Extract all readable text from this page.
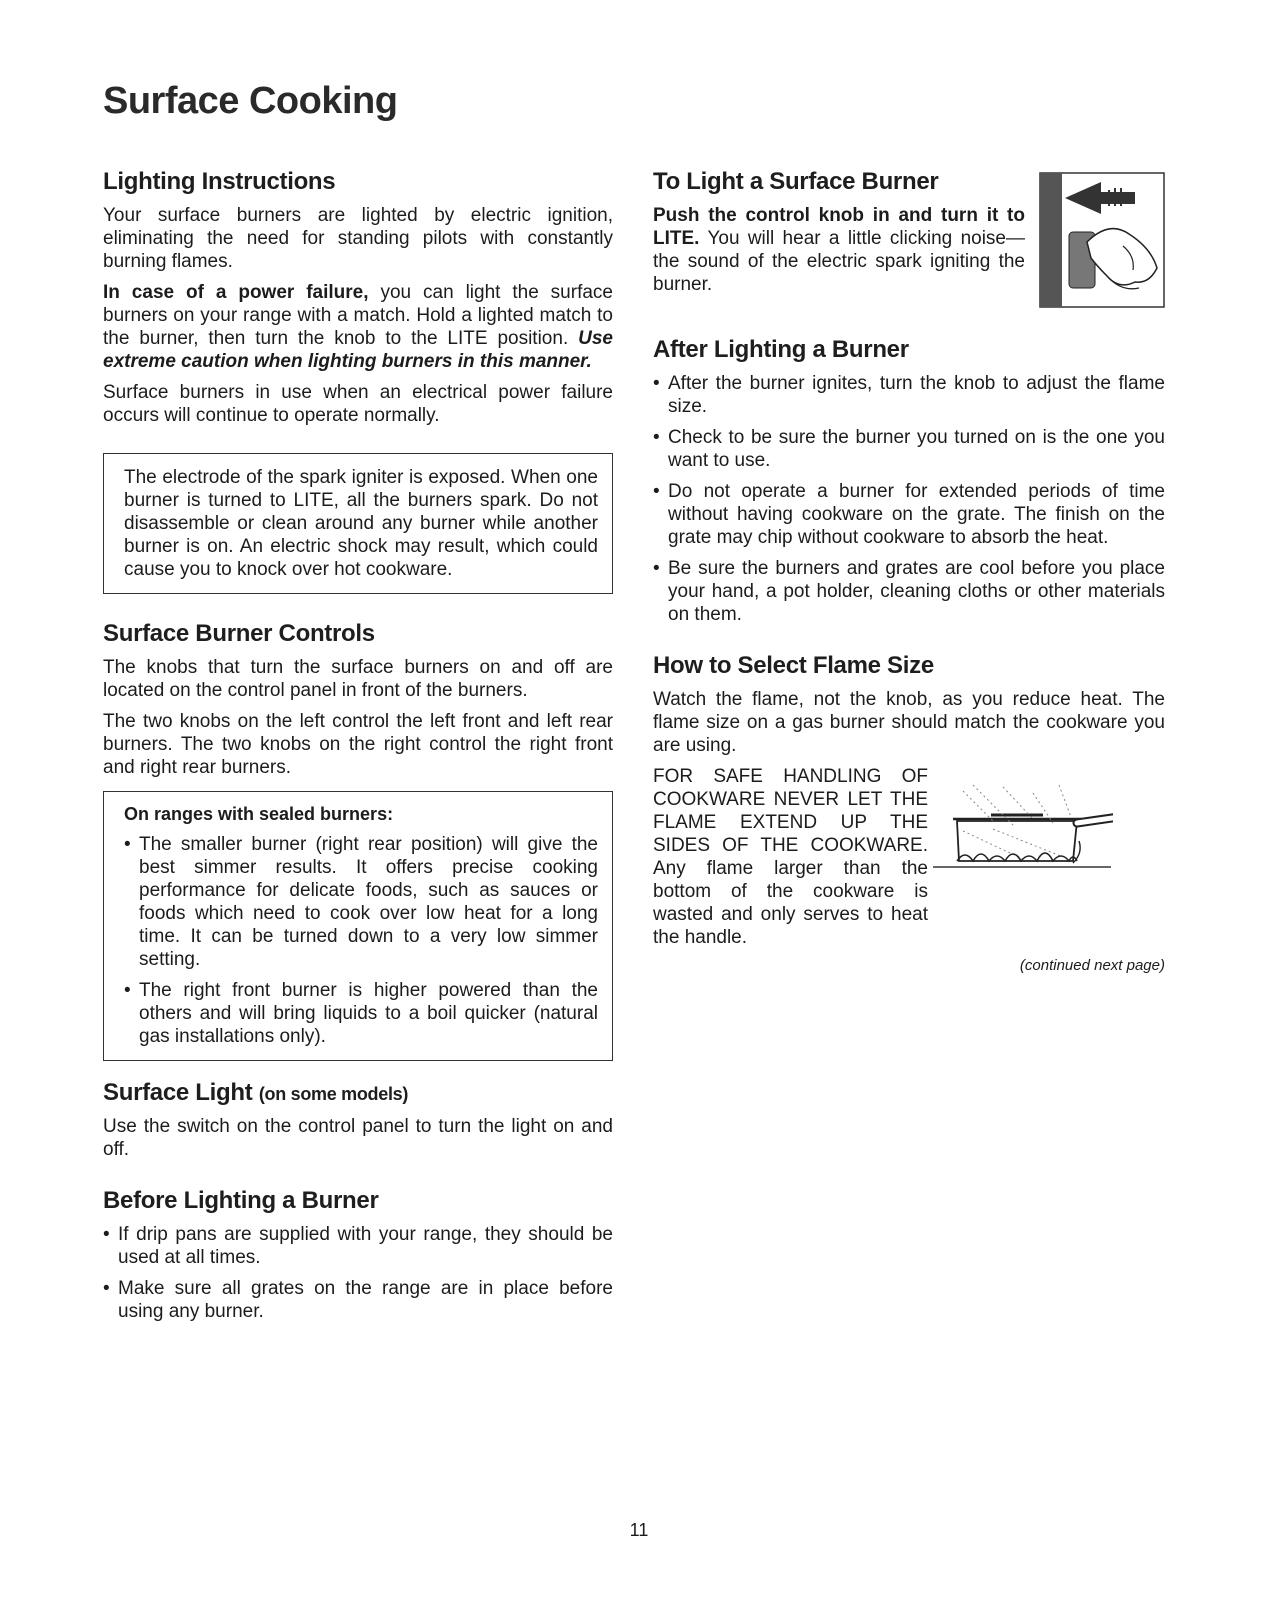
Surface Cooking
Lighting Instructions

Your surface burners are lighted by electric ignition, eliminating the need for standing pilots with constantly burning flames.

In case of a power failure, you can light the surface burners on your range with a match. Hold a lighted match to the burner, then turn the knob to the LITE position. Use extreme caution when lighting burners in this manner.

Surface burners in use when an electrical power failure occurs will continue to operate normally.

The electrode of the spark igniter is exposed. When one burner is turned to LITE, all the burners spark. Do not disassemble or clean around any burner while another burner is on. An electric shock may result, which could cause you to knock over hot cookware.

Surface Burner Controls

The knobs that turn the surface burners on and off are located on the control panel in front of the burners.

The two knobs on the left control the left front and left rear burners. The two knobs on the right control the right front and right rear burners.

On ranges with sealed burners:
• The smaller burner (right rear position) will give the best simmer results. It offers precise cooking performance for delicate foods, such as sauces or foods which need to cook over low heat for a long time. It can be turned down to a very low simmer setting.
• The right front burner is higher powered than the others and will bring liquids to a boil quicker (natural gas installations only).
Surface Light (on some models)

Use the switch on the control panel to turn the light on and off.

Before Lighting a Burner
• If drip pans are supplied with your range, they should be used at all times.
• Make sure all grates on the range are in place before using any burner.
To Light a Surface Burner

Push the control knob in and turn it to LITE. You will hear a little clicking noise—the sound of the electric spark igniting the burner.

After Lighting a Burner
• After the burner ignites, turn the knob to adjust the flame size.
• Check to be sure the burner you turned on is the one you want to use.
• Do not operate a burner for extended periods of time without having cookware on the grate. The finish on the grate may chip without cookware to absorb the heat.
• Be sure the burners and grates are cool before you place your hand, a pot holder, cleaning cloths or other materials on them.
How to Select Flame Size

Watch the flame, not the knob, as you reduce heat. The flame size on a gas burner should match the cookware you are using.

FOR SAFE HANDLING OF COOKWARE NEVER LET THE FLAME EXTEND UP THE SIDES OF THE COOKWARE. Any flame larger than the bottom of the cookware is wasted and only serves to heat the handle.

(continued next page)
11
